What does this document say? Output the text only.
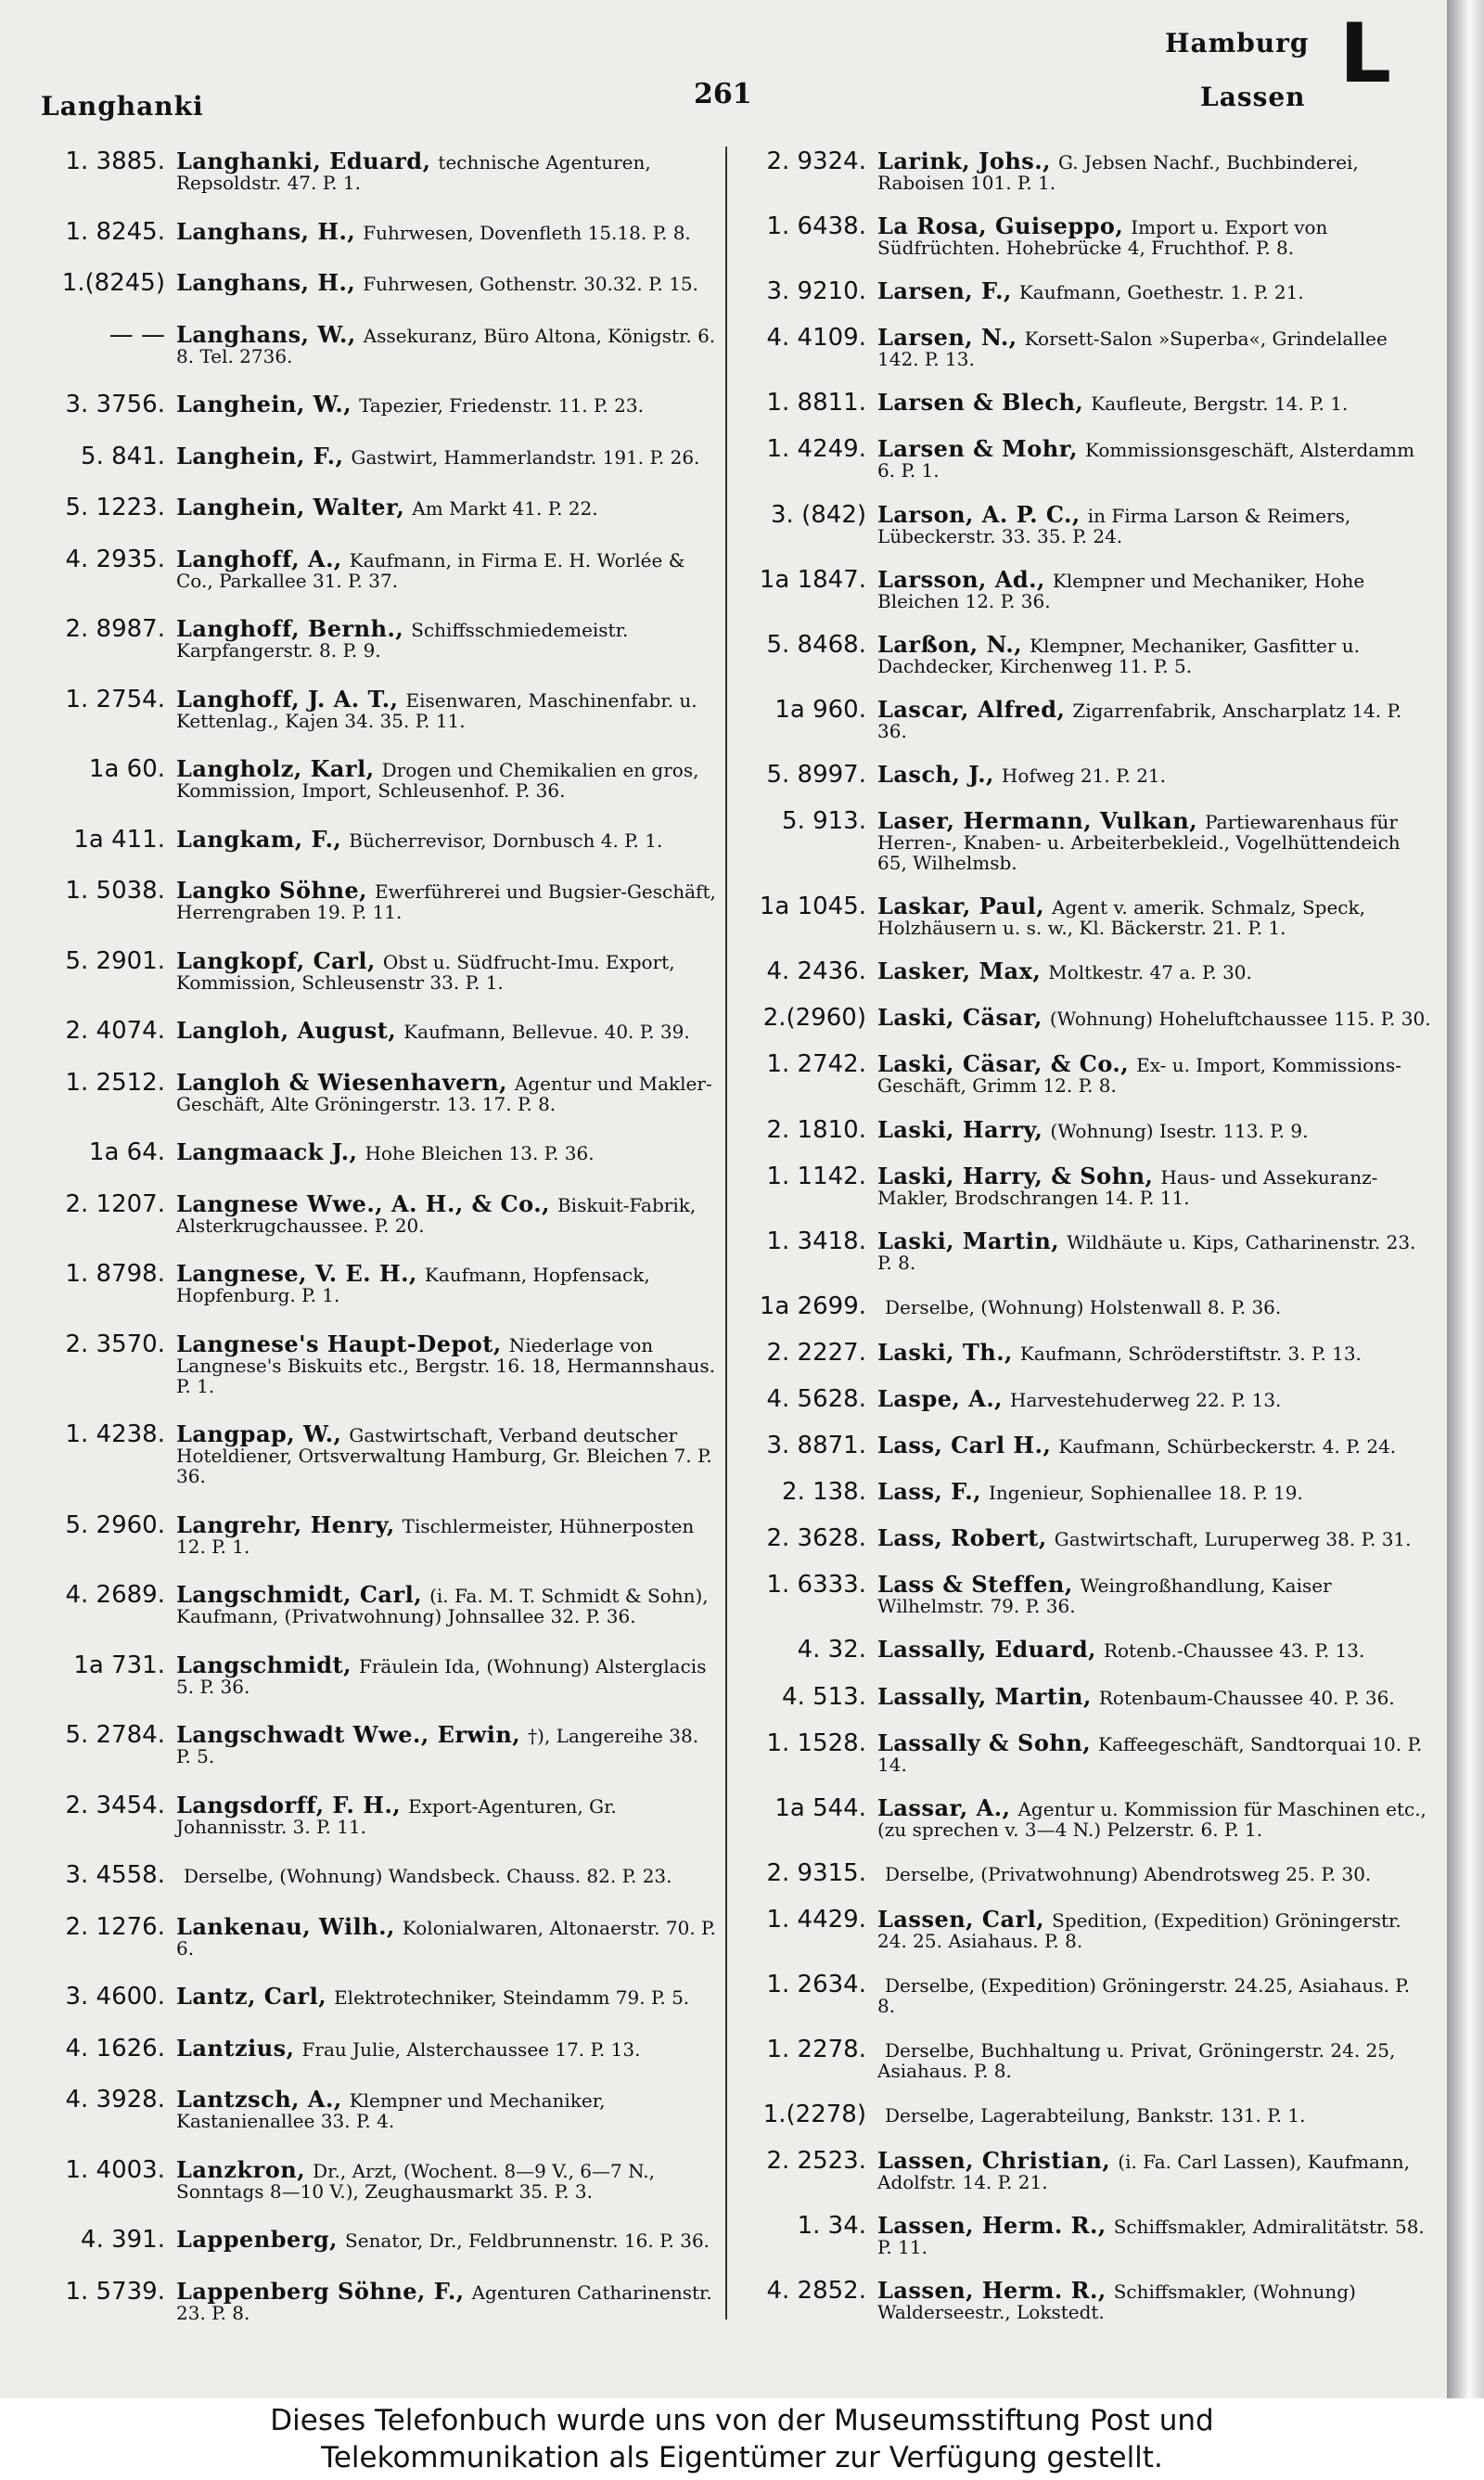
Langhanki	261
Hamburg
Lassen L
1. 3885. Langhanki, Eduard, technische Agenturen, Repsoldstr. 47. P. 1.
1. 8245. Langhans, H., Fuhrwesen, Dovenfleth 15.18. P. 8.
1.(8245) Langhans, H., Fuhrwesen, Gothenstr. 30.32. P. 15.
— — Langhans, W., Assekuranz, Büro Altona, Königstr. 6. 8. Tel. 2736.
3. 3756. Langhein, W., Tapezier, Friedenstr. 11. P. 23.
5. 841. Langhein, F., Gastwirt, Hammerlandstr. 191. P. 26.
5. 1223. Langhein, Walter, Am Markt 41. P. 22.
4. 2935. Langhoff, A., Kaufmann, in Firma E. H. Worlée & Co., Parkallee 31. P. 37.
2. 8987. Langhoff, Bernh., Schiffsschmiedemeistr. Karpfangerstr. 8. P. 9.
1. 2754. Langhoff, J. A. T., Eisenwaren, Maschinenfabr. u. Kettenlag., Kajen 34. 35. P. 11.
1a 60. Langholz, Karl, Drogen und Chemikalien en gros, Kommission, Import, Schleusenhof. P. 36.
1a 411. Langkam, F., Bücherrevisor, Dornbusch 4. P. 1.
1. 5038. Langko Söhne, Ewerführerei und Bugsier-Geschäft, Herrengraben 19. P. 11.
5. 2901. Langkopf, Carl, Obst u. Südfrucht-Imu. Export, Kommission, Schleusenstr 33. P. 1.
2. 4074. Langloh, August, Kaufmann, Bellevue. 40. P. 39.
1. 2512. Langloh & Wiesenhavern, Agentur und Makler-Geschäft, Alte Gröningerstr. 13. 17. P. 8.
1a 64. Langmaack J., Hohe Bleichen 13. P. 36.
2. 1207. Langnese Wwe., A. H., & Co., Biskuit-Fabrik, Alsterkrugchaussee. P. 20.
1. 8798. Langnese, V. E. H., Kaufmann, Hopfensack, Hopfenburg. P. 1.
2. 3570. Langnese's Haupt-Depot, Niederlage von Langnese's Biskuits etc., Bergstr. 16. 18, Hermannshaus. P. 1.
1. 4238. Langpap, W., Gastwirtschaft, Verband deutscher Hoteldiener, Ortsverwaltung Hamburg, Gr. Bleichen 7. P. 36.
5. 2960. Langrehr, Henry, Tischlermeister, Hühnerposten 12. P. 1.
4. 2689. Langschmidt, Carl, (i. Fa. M. T. Schmidt & Sohn), Kaufmann, (Privatwohnung) Johnsallee 32. P. 36.
1a 731. Langschmidt, Fräulein Ida, (Wohnung) Alsterglacis 5. P. 36.
5. 2784. Langschwadt Wwe., Erwin, †), Langereihe 38. P. 5.
2. 3454. Langsdorff, F. H., Export-Agenturen, Gr. Johannisstr. 3. P. 11.
3. 4558.	Derselbe, (Wohnung) Wandsbeck. Chauss. 82. P. 23.
2. 1276. Lankenau, Wilh., Kolonialwaren, Altonaerstr. 70. P. 6.
3. 4600. Lantz, Carl, Elektrotechniker, Steindamm 79. P. 5.
4. 1626. Lantzius, Frau Julie, Alsterchaussee 17. P. 13.
4. 3928. Lantzsch, A., Klempner und Mechaniker, Kastanienallee 33. P. 4.
1. 4003. Lanzkron, Dr., Arzt, (Wochent. 8—9 V., 6—7 N., Sonntags 8—10 V.), Zeughausmarkt 35. P. 3.
4. 391. Lappenberg, Senator, Dr., Feldbrunnenstr. 16. P. 36.
1. 5739. Lappenberg Söhne, F., Agenturen Catharinenstr. 23. P. 8.
2. 9324. Larink, Johs., G. Jebsen Nachf., Buchbinderei, Raboisen 101. P. 1.
1. 6438. La Rosa, Guiseppo, Import u. Export von Südfrüchten. Hohebrücke 4, Fruchthof. P. 8.
3. 9210. Larsen, F., Kaufmann, Goethestr. 1. P. 21.
4. 4109. Larsen, N., Korsett-Salon »Superba«, Grindelallee 142. P. 13.
1. 8811. Larsen & Blech, Kaufleute, Bergstr. 14. P. 1.
1. 4249. Larsen & Mohr, Kommissionsgeschäft, Alsterdamm 6. P. 1.
3. (842) Larson, A. P. C., in Firma Larson & Reimers, Lübeckerstr. 33. 35. P. 24.
1a 1847. Larsson, Ad., Klempner und Mechaniker, Hohe Bleichen 12. P. 36.
5. 8468. Larßon, N., Klempner, Mechaniker, Gasfitter u. Dachdecker, Kirchenweg 11. P. 5.
1a 960. Lascar, Alfred, Zigarrenfabrik, Anscharplatz 14. P. 36.
5. 8997. Lasch, J., Hofweg 21. P. 21.
5. 913. Laser, Hermann, Vulkan, Partiewarenhaus für Herren-, Knaben- u. Arbeiterbekleid., Vogelhüttendeich 65, Wilhelmsb.
1a 1045. Laskar, Paul, Agent v. amerik. Schmalz, Speck, Holzhäusern u. s. w., Kl. Bäckerstr. 21. P. 1.
4. 2436. Lasker, Max, Moltkestr. 47 a. P. 30.
2.(2960) Laski, Cäsar, (Wohnung) Hoheluftchaussee 115. P. 30.
1. 2742. Laski, Cäsar, & Co., Ex- u. Import, Kommissions-Geschäft, Grimm 12. P. 8.
2. 1810. Laski, Harry, (Wohnung) Isestr. 113. P. 9.
1. 1142. Laski, Harry, & Sohn, Haus- und Assekuranz-Makler, Brodschrangen 14. P. 11.
1. 3418. Laski, Martin, Wildhäute u. Kips, Catharinenstr. 23. P. 8.
1a 2699.	Derselbe, (Wohnung) Holstenwall 8. P. 36.
2. 2227. Laski, Th., Kaufmann, Schröderstiftstr. 3. P. 13.
4. 5628. Laspe, A., Harvestehuderweg 22. P. 13.
3. 8871. Lass, Carl H., Kaufmann, Schürbeckerstr. 4. P. 24.
2. 138. Lass, F., Ingenieur, Sophienallee 18. P. 19.
2. 3628. Lass, Robert, Gastwirtschaft, Luruperweg 38. P. 31.
1. 6333. Lass & Steffen, Weingroßhandlung, Kaiser Wilhelmstr. 79. P. 36.
4. 32. Lassally, Eduard, Rotenb.-Chaussee 43. P. 13.
4. 513. Lassally, Martin, Rotenbaum-Chaussee 40. P. 36.
1. 1528. Lassally & Sohn, Kaffeegeschäft, Sandtorquai 10. P. 14.
1a 544. Lassar, A., Agentur u. Kommission für Maschinen etc., (zu sprechen v. 3—4 N.) Pelzerstr. 6. P. 1.
2. 9315.	Derselbe, (Privatwohnung) Abendrotsweg 25. P. 30.
1. 4429. Lassen, Carl, Spedition, (Expedition) Gröningerstr. 24. 25. Asiahaus. P. 8.
1. 2634.	Derselbe, (Expedition) Gröningerstr. 24.25, Asiahaus. P. 8.
1. 2278.	Derselbe, Buchhaltung u. Privat, Gröningerstr. 24. 25, Asiahaus. P. 8.
1.(2278)	Derselbe, Lagerabteilung, Bankstr. 131. P. 1.
2. 2523. Lassen, Christian, (i. Fa. Carl Lassen), Kaufmann, Adolfstr. 14. P. 21.
1. 34. Lassen, Herm. R., Schiffsmakler, Admiralitätstr. 58. P. 11.
4. 2852. Lassen, Herm. R., Schiffsmakler, (Wohnung) Walderseestr., Lokstedt.
Dieses Telefonbuch wurde uns von der Museumsstiftung Post und
Telekommunikation als Eigentümer zur Verfügung gestellt.
